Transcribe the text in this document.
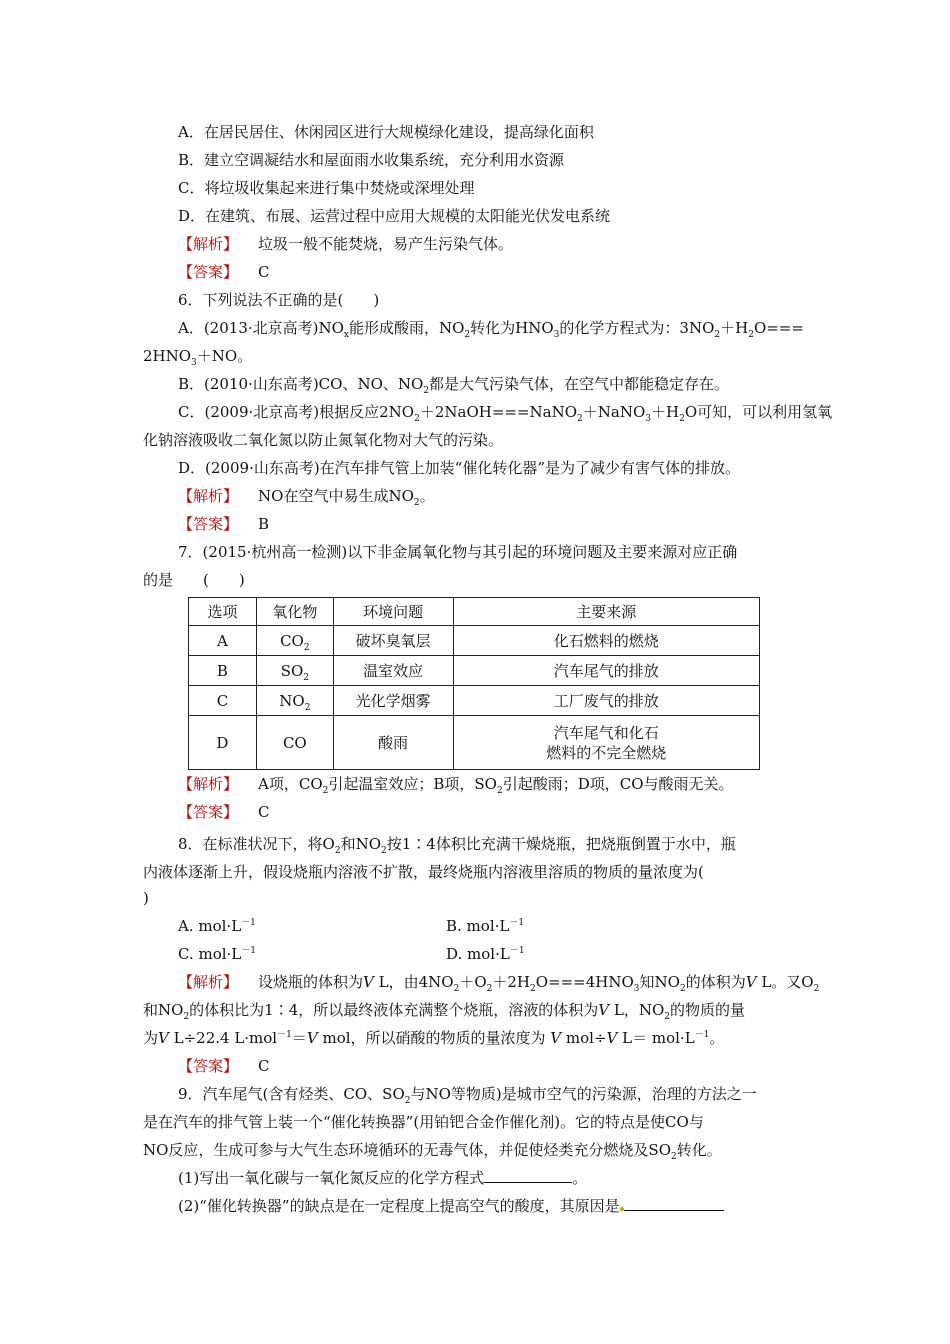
A．在居民居住、休闲园区进行大规模绿化建设，提高绿化面积
B．建立空调凝结水和屋面雨水收集系统，充分利用水资源
C．将垃圾收集起来进行集中焚烧或深埋处理
D．在建筑、布展、运营过程中应用大规模的太阳能光伏发电系统
【解析】 垃圾一般不能焚烧，易产生污染气体。
【答案】 C
6．下列说法不正确的是(　　)
A．(2013·北京高考)$NO_x$能形成酸雨，$NO_2$转化为$HNO_3$的化学方程式为：$3NO_2+H_2O===$
$2HNO_3+NO$。
B．(2010·山东高考)CO、NO、$NO_2$都是大气污染气体，在空气中都能稳定存在。
C．(2009·北京高考)根据反应$2NO_2+2NaOH===NaNO_2+NaNO_3+H_2O$可知，可以利用氢氧
化钠溶液吸收二氧化氮以防止氮氧化物对大气的污染。
D．(2009·山东高考)在汽车排气管上加装“催化转化器”是为了减少有害气体的排放。
【解析】 NO在空气中易生成$NO_2$。
【答案】 B
7．(2015·杭州高一检测)以下非金属氧化物与其引起的环境问题及主要来源对应正确
的是　　(　　)
选项	氧化物	环境问题	主要来源
A	$CO_2$	破坏臭氧层	化石燃料的燃烧
B	$SO_2$	温室效应	汽车尾气的排放
C	$NO_2$	光化学烟雾	工厂废气的排放
D	CO	酸雨	汽车尾气和化石
燃料的不完全燃烧
【解析】 A项，$CO_2$引起温室效应；B项，$SO_2$引起酸雨；D项，CO与酸雨无关。
【答案】 C
8．在标准状况下，将$O_2$和$NO_2$按1∶4体积比充满干燥烧瓶，把烧瓶倒置于水中，瓶
内液体逐渐上升，假设烧瓶内溶液不扩散，最终烧瓶内溶液里溶质的物质的量浓度为(
)
A. $mol\cdot L^{-1}$	B. $mol\cdot L^{-1}$
C. $mol\cdot L^{-1}$	D. $mol\cdot L^{-1}$
【解析】 设烧瓶的体积为V L，由$4NO_2+O_2+2H_2O===4HNO_3$知$NO_2$的体积为V L。又$O_2$
和$NO_2$的体积比为1∶4，所以最终液体充满整个烧瓶，溶液的体积为V L，$NO_2$的物质的量
为V L÷22.4 L·mol$^{-1}$＝V mol，所以硝酸的物质的量浓度为 V mol÷V $L= mol\cdot L^{-1}$。
【答案】 C
9．汽车尾气(含有烃类、CO、$SO_2$与NO等物质)是城市空气的污染源，治理的方法之一
是在汽车的排气管上装一个“催化转换器”(用铂钯合金作催化剂)。它的特点是使CO与
NO反应，生成可参与大气生态环境循环的无毒气体，并促使烃类充分燃烧及$SO_2$转化。
(1)写出一氧化碳与一氧化氮反应的化学方程式	。
(2)“催化转换器”的缺点是在一定程度上提高空气的酸度，其原因是
